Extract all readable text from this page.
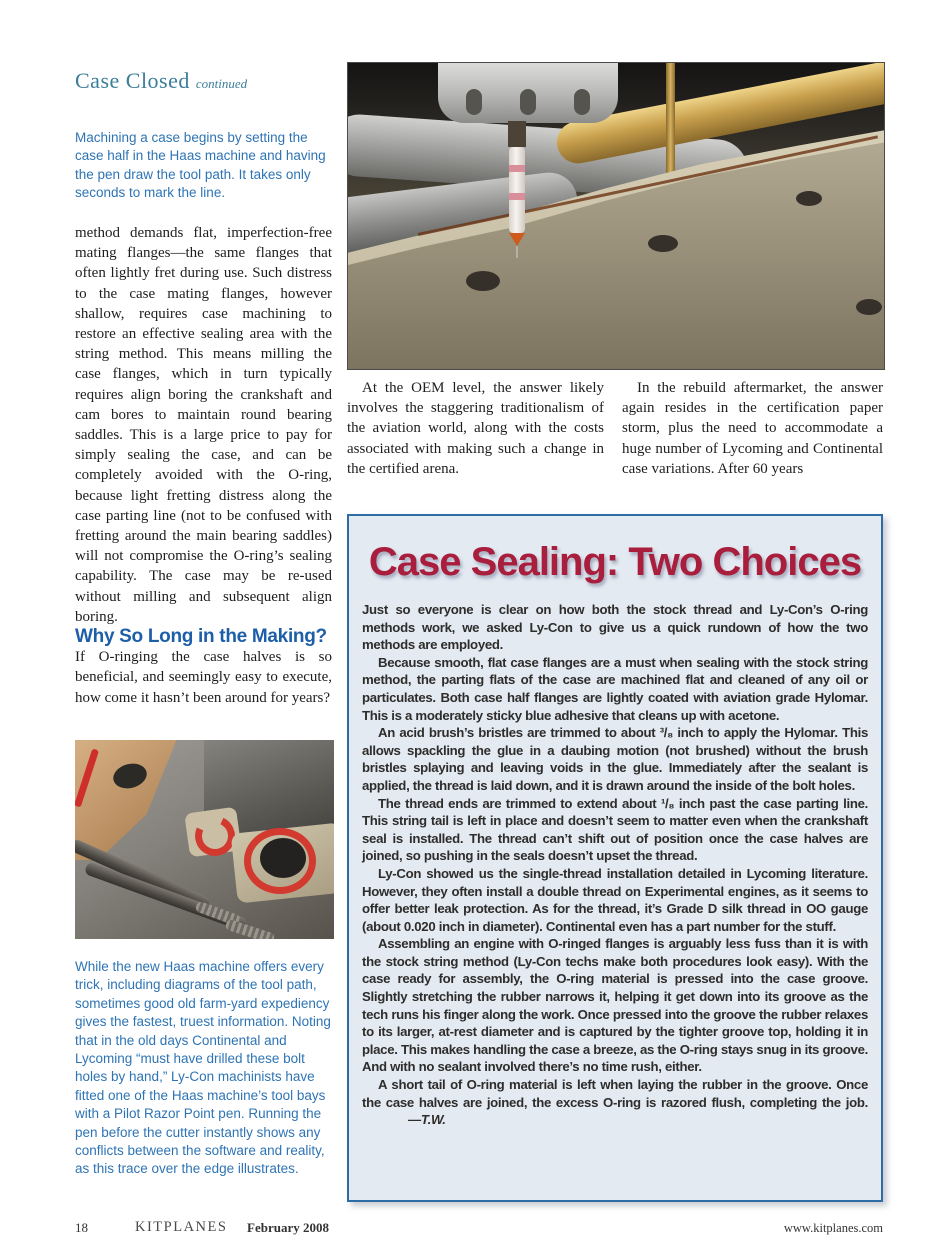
Case Closed continued
Machining a case begins by setting the case half in the Haas machine and having the pen draw the tool path. It takes only seconds to mark the line.

method demands flat, imperfection-free mating flanges—the same flanges that often lightly fret during use. Such distress to the case mating flanges, however shallow, requires case machining to restore an effective sealing area with the string method. This means milling the case flanges, which in turn typically requires align boring the crankshaft and cam bores to maintain round bearing saddles. This is a large price to pay for simply sealing the case, and can be completely avoided with the O-ring, because light fretting distress along the case parting line (not to be confused with fretting around the main bearing saddles) will not compromise the O-ring’s sealing capability. The case may be re-used without milling and subsequent align boring.

Why So Long in the Making?

If O-ringing the case halves is so beneficial, and seemingly easy to execute, how come it hasn’t been around for years?

At the OEM level, the answer likely involves the staggering traditionalism of the aviation world, along with the costs associated with making such a change in the certified arena.

In the rebuild aftermarket, the answer again resides in the certification paper storm, plus the need to accommodate a huge number of Lycoming and Continental case variations. After 60 years

Case Sealing: Two Choices

Just so everyone is clear on how both the stock thread and Ly-Con’s O-ring methods work, we asked Ly-Con to give us a quick rundown of how the two methods are employed.

Because smooth, flat case flanges are a must when sealing with the stock string method, the parting flats of the case are machined flat and cleaned of any oil or particulates. Both case half flanges are lightly coated with aviation grade Hylomar. This is a moderately sticky blue adhesive that cleans up with acetone.

An acid brush’s bristles are trimmed to about ³/₈ inch to apply the Hylomar. This allows spackling the glue in a daubing motion (not brushed) without the brush bristles splaying and leaving voids in the glue. Immediately after the sealant is applied, the thread is laid down, and it is drawn around the inside of the bolt holes.

The thread ends are trimmed to extend about ¹/₈ inch past the case parting line. This string tail is left in place and doesn’t seem to matter even when the crankshaft seal is installed. The thread can’t shift out of position once the case halves are joined, so pushing in the seals doesn’t upset the thread.

Ly-Con showed us the single-thread installation detailed in Lycoming literature. However, they often install a double thread on Experimental engines, as it seems to offer better leak protection. As for the thread, it’s Grade D silk thread in OO gauge (about 0.020 inch in diameter). Continental even has a part number for the stuff.

Assembling an engine with O-ringed flanges is arguably less fuss than it is with the stock string method (Ly-Con techs make both procedures look easy). With the case ready for assembly, the O-ring material is pressed into the case groove. Slightly stretching the rubber narrows it, helping it get down into its groove as the tech runs his finger along the work. Once pressed into the groove the rubber relaxes to its larger, at-rest diameter and is captured by the tighter groove top, holding it in place. This makes handling the case a breeze, as the O-ring stays snug in its groove. And with no sealant involved there’s no time rush, either.

A short tail of O-ring material is left when laying the rubber in the groove. Once the case halves are joined, the excess O-ring is razored flush, completing the job.—T.W.

While the new Haas machine offers every trick, including diagrams of the tool path, sometimes good old farm-yard expediency gives the fastest, truest information. Noting that in the old days Continental and Lycoming “must have drilled these bolt holes by hand,” Ly-Con machinists have fitted one of the Haas machine’s tool bays with a Pilot Razor Point pen. Running the pen before the cutter instantly shows any conflicts between the software and reality, as this trace over the edge illustrates.
18	KITPLANES February 2008	www.kitplanes.com
